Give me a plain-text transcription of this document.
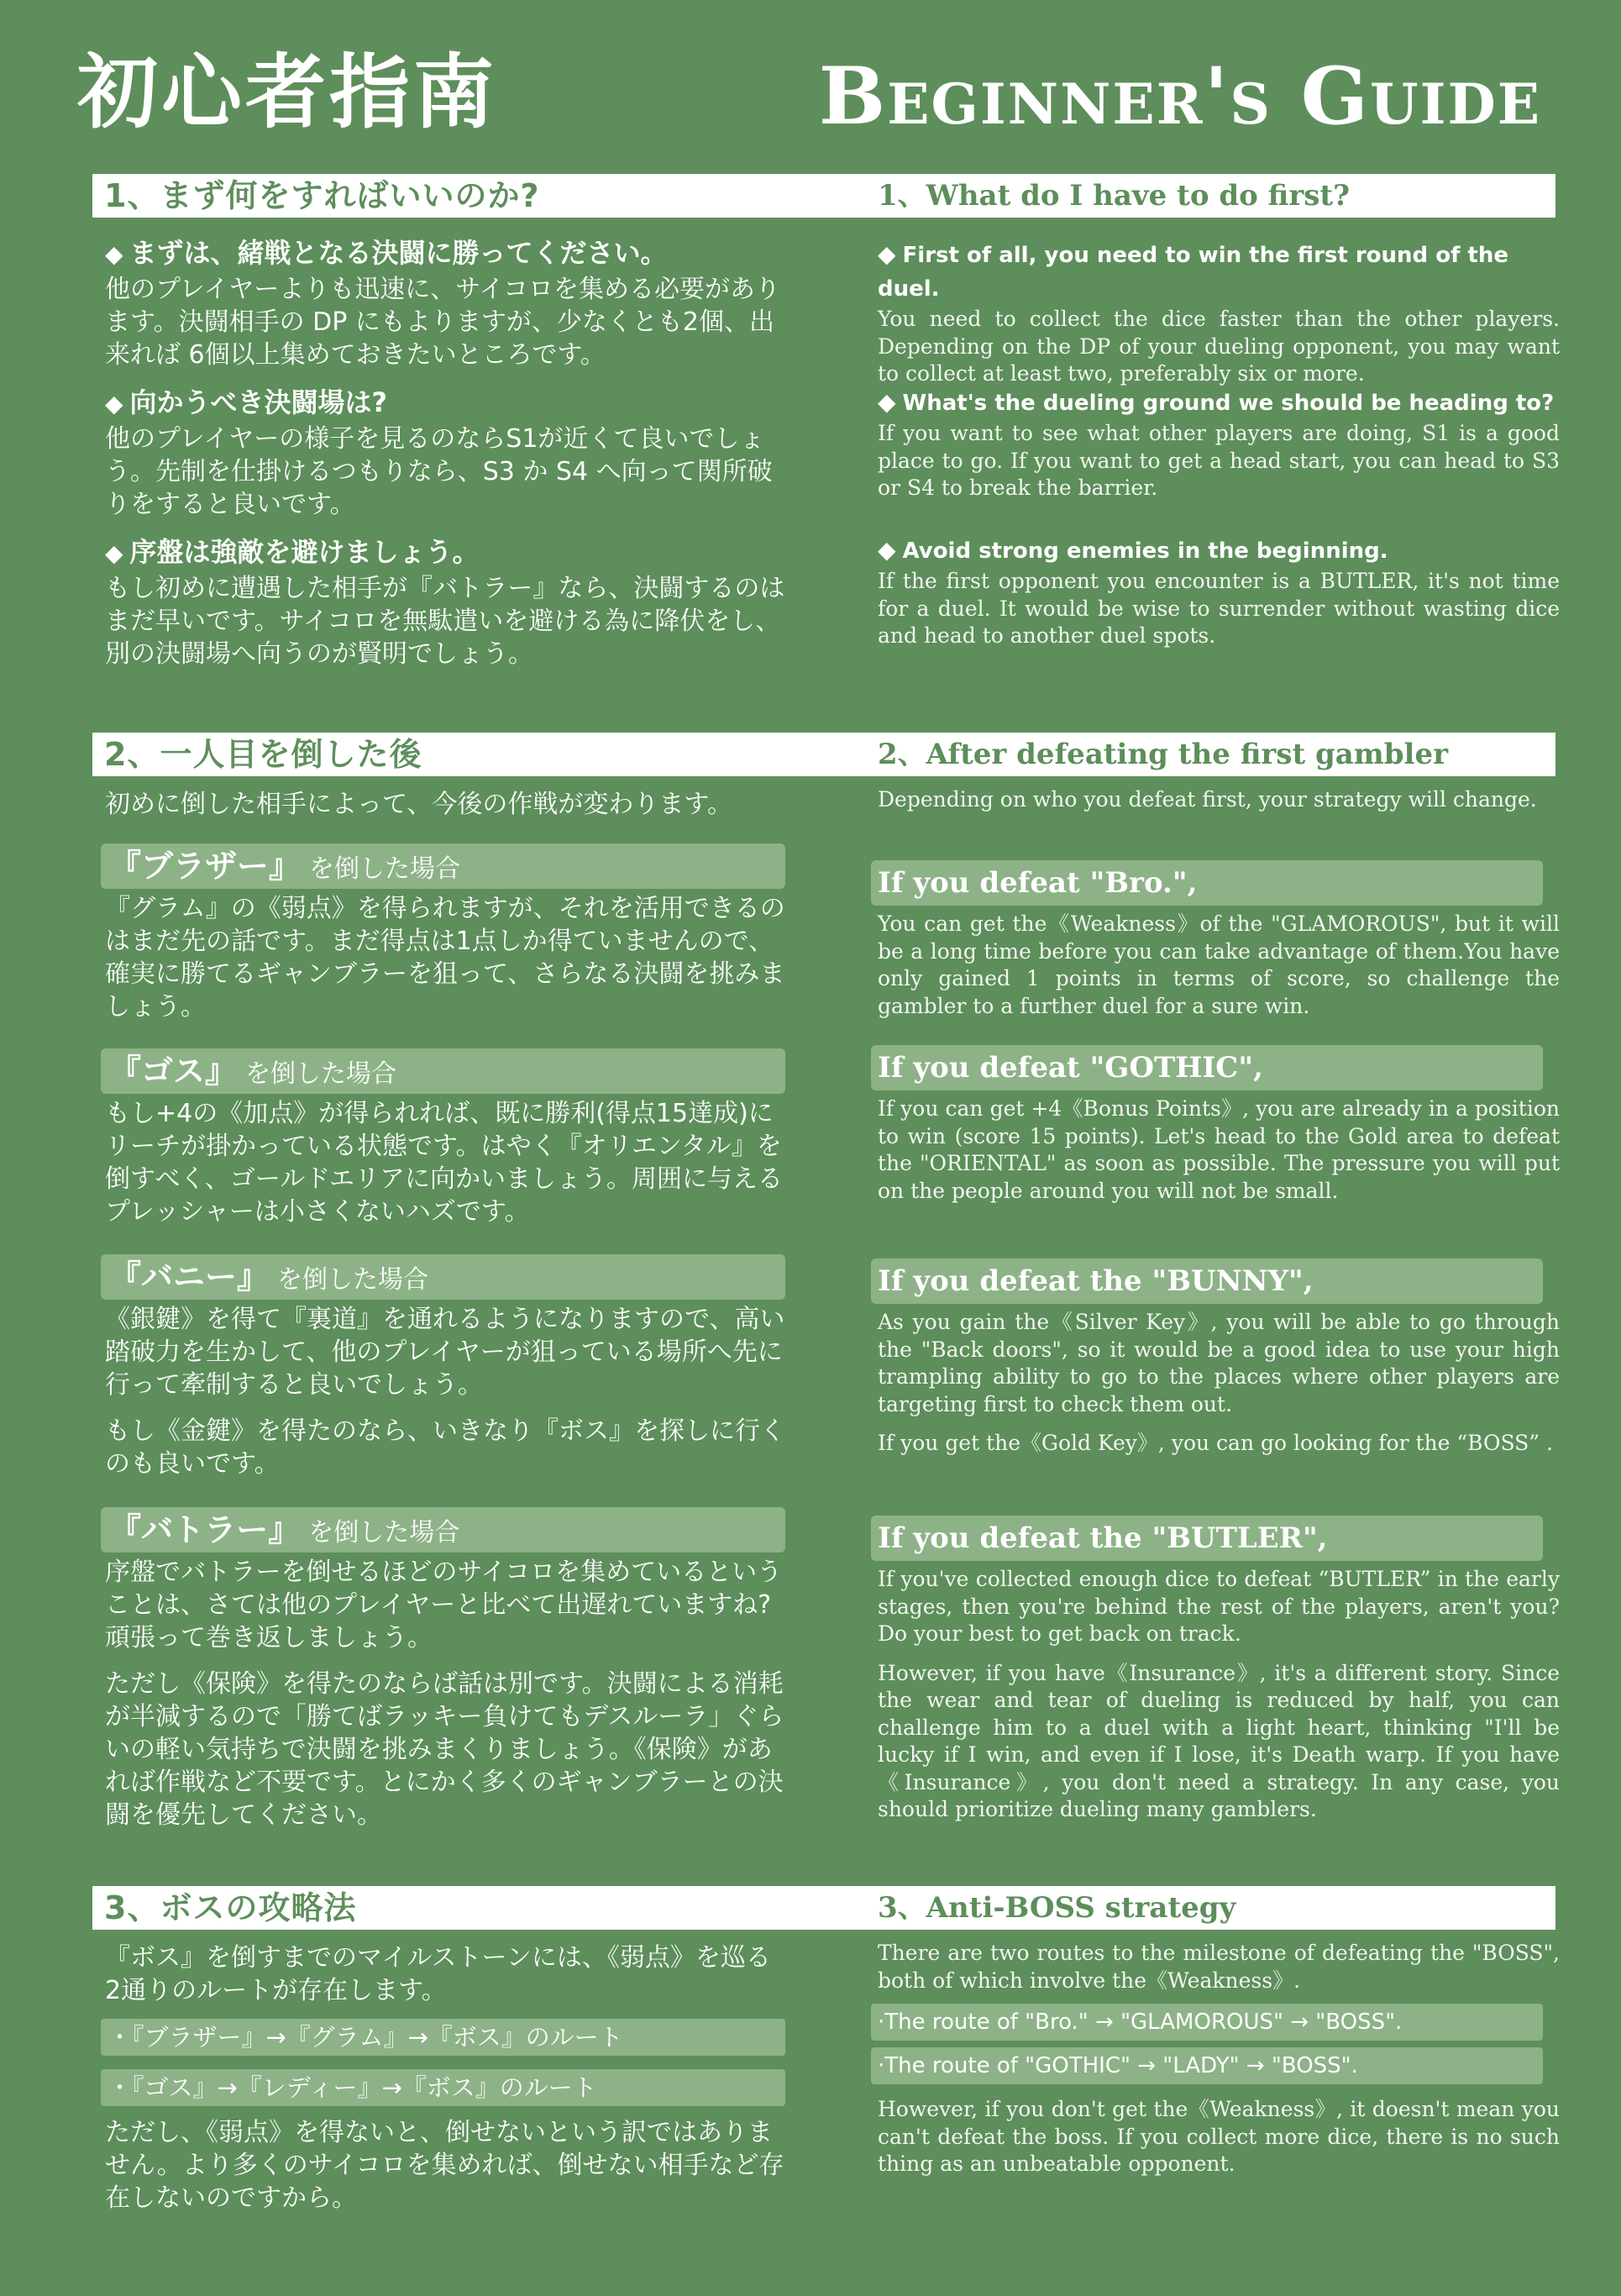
初心者指南	Beginner's Guide
1、まず何をすればいいのか?	1、What do I have to do first?

◆ まずは、緒戦となる決闘に勝ってください。

他のプレイヤーよりも迅速に、サイコロを集める必要があります。決闘相手の DP にもよりますが、少なくとも2個、出来れば 6個以上集めておきたいところです。

◆ 向かうべき決闘場は?

他のプレイヤーの様子を見るのならS1が近くて良いでしょう。先制を仕掛けるつもりなら、S3 か S4 へ向って関所破りをすると良いです。

◆ 序盤は強敵を避けましょう。

もし初めに遭遇した相手が『バトラー』なら、決闘するのはまだ早いです。サイコロを無駄遣いを避ける為に降伏をし、別の決闘場へ向うのが賢明でしょう。

◆ First of all, you need to win the first round of the duel.

You need to collect the dice faster than the other players. Depending on the DP of your dueling opponent, you may want to collect at least two, preferably six or more.

◆ What's the dueling ground we should be heading to?

If you want to see what other players are doing, S1 is a good place to go. If you want to get a head start, you can head to S3 or S4 to break the barrier.

◆ Avoid strong enemies in the beginning.

If the first opponent you encounter is a BUTLER, it's not time for a duel. It would be wise to surrender without wasting dice and head to another duel spots.

2、一人目を倒した後	2、After defeating the first gambler

初めに倒した相手によって、今後の作戦が変わります。

『ブラザー』 を倒した場合

『グラム』の《弱点》を得られますが、それを活用できるのはまだ先の話です。まだ得点は1点しか得ていませんので、確実に勝てるギャンブラーを狙って、さらなる決闘を挑みましょう。

『ゴス』 を倒した場合

もし+4の《加点》が得られれば、既に勝利(得点15達成)にリーチが掛かっている状態です。はやく『オリエンタル』を倒すべく、ゴールドエリアに向かいましょう。周囲に与えるプレッシャーは小さくないハズです。

『バニー』 を倒した場合

《銀鍵》を得て『裏道』を通れるようになりますので、高い踏破力を生かして、他のプレイヤーが狙っている場所へ先に行って牽制すると良いでしょう。

もし《金鍵》を得たのなら、いきなり『ボス』を探しに行くのも良いです。

『バトラー』 を倒した場合

序盤でバトラーを倒せるほどのサイコロを集めているということは、さては他のプレイヤーと比べて出遅れていますね? 頑張って巻き返しましょう。

ただし《保険》を得たのならば話は別です。決闘による消耗が半減するので「勝てばラッキー負けてもデスルーラ」ぐらいの軽い気持ちで決闘を挑みまくりましょう。《保険》があれば作戦など不要です。とにかく多くのギャンブラーとの決闘を優先してください。

Depending on who you defeat first, your strategy will change.

If you defeat "Bro.",

You can get the《Weakness》of the "GLAMOROUS", but it will be a long time before you can take advantage of them.You have only gained 1 points in terms of score, so challenge the gambler to a further duel for a sure win.

If you defeat "GOTHIC",

If you can get +4《Bonus Points》, you are already in a position to win (score 15 points). Let's head to the Gold area to defeat the "ORIENTAL" as soon as possible. The pressure you will put on the people around you will not be small.

If you defeat the "BUNNY",

As you gain the《Silver Key》, you will be able to go through the "Back doors", so it would be a good idea to use your high trampling ability to go to the places where other players are targeting first to check them out.

If you get the《Gold Key》, you can go looking for the “BOSS” .

If you defeat the "BUTLER",

If you've collected enough dice to defeat “BUTLER” in the early stages, then you're behind the rest of the players, aren't you? Do your best to get back on track.

However, if you have《Insurance》, it's a different story. Since the wear and tear of dueling is reduced by half, you can challenge him to a duel with a light heart, thinking "I'll be lucky if I win, and even if I lose, it's Death warp. If you have《Insurance》, you don't need a strategy. In any case, you should prioritize dueling many gamblers.

3、ボスの攻略法	3、Anti-BOSS strategy

『ボス』を倒すまでのマイルストーンには、《弱点》を巡る 2通りのルートが存在します。

・『ブラザー』→『グラム』→『ボス』のルート
・『ゴス』→『レディー』→『ボス』のルート

ただし、《弱点》を得ないと、倒せないという訳ではありません。より多くのサイコロを集めれば、倒せない相手など存在しないのですから。

There are two routes to the milestone of defeating the "BOSS", both of which involve the《Weakness》.

·The route of "Bro." → "GLAMOROUS" → "BOSS".
·The route of "GOTHIC" → "LADY" → "BOSS".

However, if you don't get the《Weakness》, it doesn't mean you can't defeat the boss. If you collect more dice, there is no such thing as an unbeatable opponent.
